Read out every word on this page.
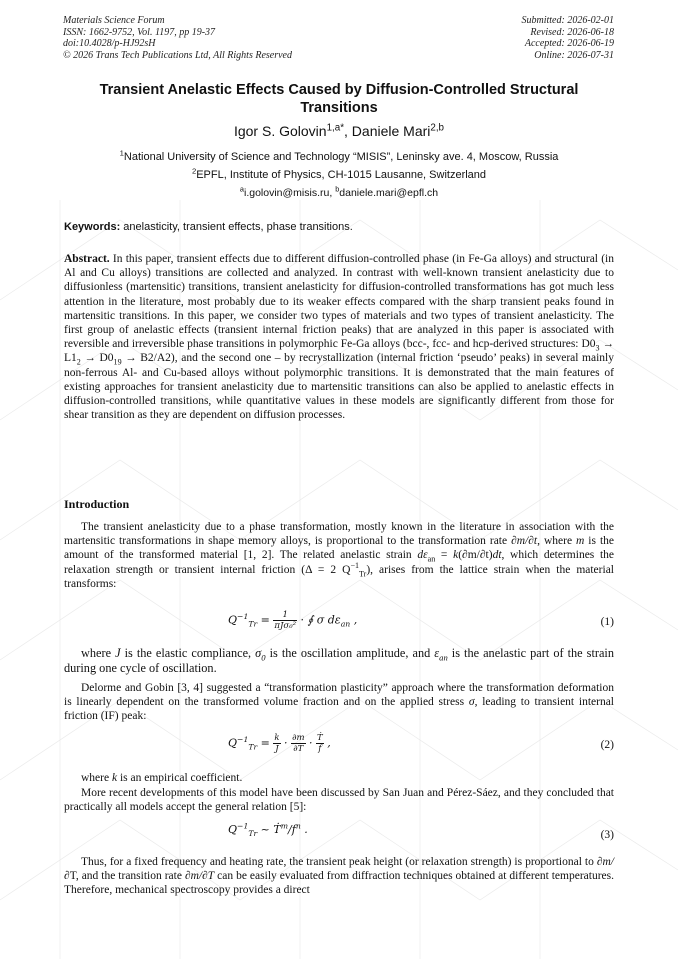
Materials Science Forum
ISSN: 1662-9752, Vol. 1197, pp 19-37
doi:10.4028/p-HJ92sH
© 2026 Trans Tech Publications Ltd, All Rights Reserved
Submitted: 2026-02-01
Revised: 2026-06-18
Accepted: 2026-06-19
Online: 2026-07-31
Transient Anelastic Effects Caused by Diffusion-Controlled Structural
Transitions
Igor S. Golovin$^{1,a*}$, Daniele Mari$^{2,b}$
$^1$National University of Science and Technology “MISIS”, Leninsky ave. 4, Moscow, Russia
$^2$EPFL, Institute of Physics, CH-1015 Lausanne, Switzerland
$^a$i.golovin@misis.ru, $^b$daniele.mari@epfl.ch
Keywords: anelasticity, transient effects, phase transitions.
Abstract. In this paper, transient effects due to different diffusion-controlled phase (in Fe-Ga alloys) and structural (in Al and Cu alloys) transitions are collected and analyzed. In contrast with well-known transient anelasticity due to diffusionless (martensitic) transitions, transient anelasticity for diffusion-controlled transformations has got much less attention in the literature, most probably due to its weaker effects compared with the sharp transient peaks found in martensitic transitions. In this paper, we consider two types of materials and two types of transient anelasticity. The first group of anelastic effects (transient internal friction peaks) that are analyzed in this paper is associated with reversible and irreversible phase transitions in polymorphic Fe-Ga alloys (bcc-, fcc- and hcp-derived structures: $D0_3 \to L1_2 \to D0_{19} \to B2/A2$), and the second one – by recrystallization (internal friction ‘pseudo’ peaks) in several mainly non-ferrous Al- and Cu-based alloys without polymorphic transitions. It is demonstrated that the main features of existing approaches for transient anelasticity due to martensitic transitions can also be applied to anelastic effects in diffusion-controlled transitions, while quantitative values in these models are significantly different from those for shear transition as they are dependent on diffusion processes.
Introduction
The transient anelasticity due to a phase transformation, mostly known in the literature in association with the martensitic transformations in shape memory alloys, is proportional to the transformation rate ∂m/∂t, where m is the amount of the transformed material [1, 2]. The related anelastic strain $d\varepsilon_{an} = k(\partial m/\partial t)dt$, which determines the relaxation strength or transient internal friction (Δ = 2 $Q^{-1}_{Tr}$), arises from the lattice strain when the material transforms:
$Q^{-1}_{Tr} = \frac{1}{\text{πJσ₀²}}$ · ∮ σ $d\varepsilon_{an}$ ,	(1)
where J is the elastic compliance, $\sigma_0$ is the oscillation amplitude, and $\varepsilon_{an}$ is the anelastic part of the strain during one cycle of oscillation.
Delorme and Gobin [3, 4] suggested a “transformation plasticity” approach where the transformation deformation is linearly dependent on the transformed volume fraction and on the applied stress σ, leading to transient internal friction (IF) peak:
$Q^{-1}_{Tr} = \frac{k}{J} \cdot \frac{\partial m}{\partial T} \cdot \frac{\text{Ṫ}}{f}$ ,	(2)
where k is an empirical coefficient.
More recent developments of this model have been discussed by San Juan and Pérez-Sáez, and they concluded that practically all models accept the general relation [5]:
$Q^{-1}_{Tr}$ ~ $Ṫ^m/f^n$ .	(3)
Thus, for a fixed frequency and heating rate, the transient peak height (or relaxation strength) is proportional to ∂m/∂T, and the transition rate ∂m/∂T can be easily evaluated from diffraction techniques obtained at different temperatures. Therefore, mechanical spectroscopy provides a direct
